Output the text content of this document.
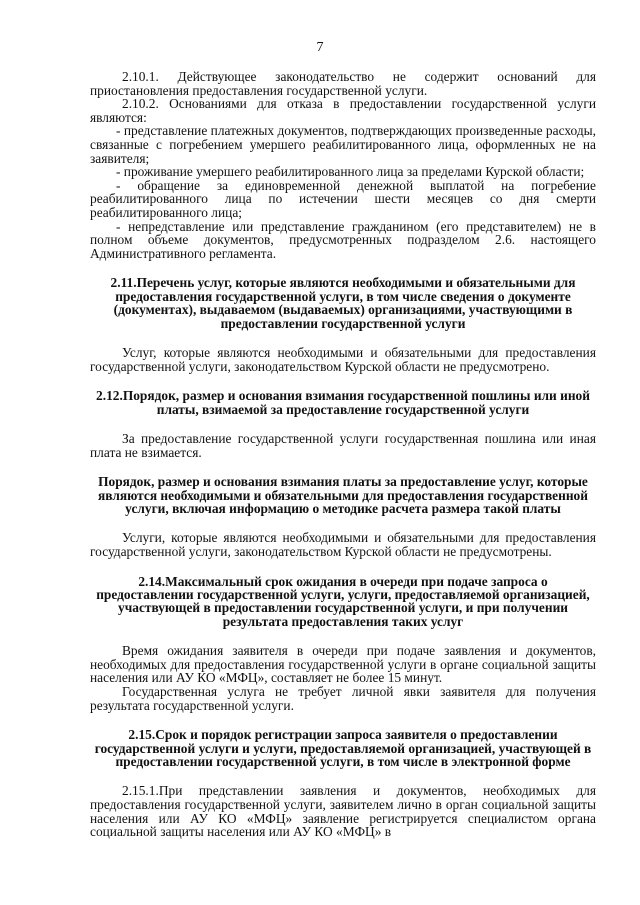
7

2.10.1. Действующее законодательство не содержит оснований для приостановления предоставления государственной услуги.

2.10.2. Основаниями для отказа в предоставлении государственной услуги являются:

- представление платежных документов, подтверждающих произведенные расходы, связанные с погребением умершего реабилитированного лица, оформленных не на заявителя;

- проживание умершего реабилитированного лица за пределами Курской области;

- обращение за единовременной денежной выплатой на погребение реабилитированного лица по истечении шести месяцев со дня смерти реабилитированного лица;

- непредставление или представление гражданином (его представителем) не в полном объеме документов, предусмотренных подразделом 2.6. настоящего Административного регламента.

2.11.Перечень услуг, которые являются необходимыми и обязательными для предоставления государственной услуги, в том числе сведения о документе (документах), выдаваемом (выдаваемых) организациями, участвующими в предоставлении государственной услуги

Услуг, которые являются необходимыми и обязательными для предоставления государственной услуги, законодательством Курской области не предусмотрено.

2.12.Порядок, размер и основания взимания государственной пошлины или иной платы, взимаемой за предоставление государственной услуги

За предоставление государственной услуги государственная пошлина или иная плата не взимается.

Порядок, размер и основания взимания платы за предоставление услуг, которые являются необходимыми и обязательными для предоставления государственной услуги, включая информацию о методике расчета размера такой платы

Услуги, которые являются необходимыми и обязательными для предоставления государственной услуги, законодательством Курской области не предусмотрены.

2.14.Максимальный срок ожидания в очереди при подаче запроса о предоставлении государственной услуги, услуги, предоставляемой организацией, участвующей в предоставлении государственной услуги, и при получении результата предоставления таких услуг

Время ожидания заявителя в очереди при подаче заявления и документов, необходимых для предоставления государственной услуги в органе социальной защиты населения или АУ КО «МФЦ», составляет не более 15 минут.

Государственная услуга не требует личной явки заявителя для получения результата государственной услуги.

2.15.Срок и порядок регистрации запроса заявителя о предоставлении государственной услуги и услуги, предоставляемой организацией, участвующей в предоставлении государственной услуги, в том числе в электронной форме

2.15.1.При представлении заявления и документов, необходимых для предоставления государственной услуги, заявителем лично в орган социальной защиты населения или АУ КО «МФЦ» заявление регистрируется специалистом органа социальной защиты населения или АУ КО «МФЦ» в
